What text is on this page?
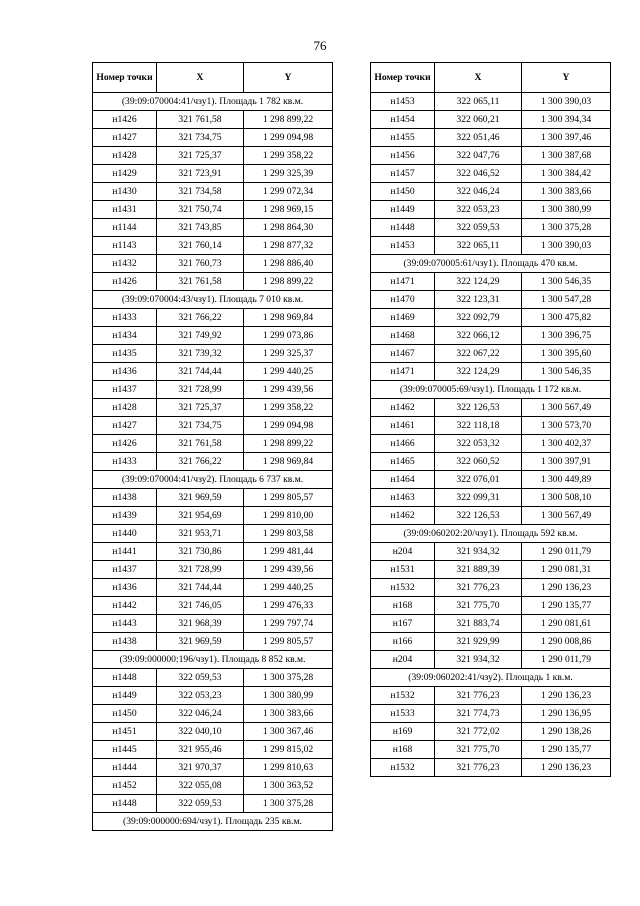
76
Номер точки	X	Y
(39:09:070004:41/чзу1). Площадь 1 782 кв.м.		
н1426	321 761,58	1 298 899,22
н1427	321 734,75	1 299 094,98
н1428	321 725,37	1 299 358,22
н1429	321 723,91	1 299 325,39
н1430	321 734,58	1 299 072,34
н1431	321 750,74	1 298 969,15
н1144	321 743,85	1 298 864,30
н1143	321 760,14	1 298 877,32
н1432	321 760,73	1 298 886,40
н1426	321 761,58	1 298 899,22
(39:09:070004:43/чзу1). Площадь 7 010 кв.м.		
н1433	321 766,22	1 298 969,84
н1434	321 749,92	1 299 073,86
н1435	321 739,32	1 299 325,37
н1436	321 744,44	1 299 440,25
н1437	321 728,99	1 299 439,56
н1428	321 725,37	1 299 358,22
н1427	321 734,75	1 299 094,98
н1426	321 761,58	1 298 899,22
н1433	321 766,22	1 298 969,84
(39:09:070004:41/чзу2). Площадь 6 737 кв.м.		
н1438	321 969,59	1 299 805,57
н1439	321 954,69	1 299 810,00
н1440	321 953,71	1 299 803,58
н1441	321 730,86	1 299 481,44
н1437	321 728,99	1 299 439,56
н1436	321 744,44	1 299 440,25
н1442	321 746,05	1 299 476,33
н1443	321 968,39	1 299 797,74
н1438	321 969,59	1 299 805,57
(39:09:000000:196/чзу1). Площадь 8 852 кв.м.		
н1448	322 059,53	1 300 375,28
н1449	322 053,23	1 300 380,99
н1450	322 046,24	1 300 383,66
н1451	322 040,10	1 300 367,46
н1445	321 955,46	1 299 815,02
н1444	321 970,37	1 299 810,63
н1452	322 055,08	1 300 363,52
н1448	322 059,53	1 300 375,28
(39:09:000000:694/чзу1). Площадь 235 кв.м.		
Номер точки	X	Y
н1453	322 065,11	1 300 390,03
н1454	322 060,21	1 300 394,34
н1455	322 051,46	1 300 397,46
н1456	322 047,76	1 300 387,68
н1457	322 046,52	1 300 384,42
н1450	322 046,24	1 300 383,66
н1449	322 053,23	1 300 380,99
н1448	322 059,53	1 300 375,28
н1453	322 065,11	1 300 390,03
(39:09:070005:61/чзу1). Площадь 470 кв.м.		
н1471	322 124,29	1 300 546,35
н1470	322 123,31	1 300 547,28
н1469	322 092,79	1 300 475,82
н1468	322 066,12	1 300 396,75
н1467	322 067,22	1 300 395,60
н1471	322 124,29	1 300 546,35
(39:09:070005:69/чзу1). Площадь 1 172 кв.м.		
н1462	322 126,53	1 300 567,49
н1461	322 118,18	1 300 573,70
н1466	322 053,32	1 300 402,37
н1465	322 060,52	1 300 397,91
н1464	322 076,01	1 300 449,89
н1463	322 099,31	1 300 508,10
н1462	322 126,53	1 300 567,49
(39:09:060202:20/чзу1). Площадь 592 кв.м.		
н204	321 934,32	1 290 011,79
н1531	321 889,39	1 290 081,31
н1532	321 776,23	1 290 136,23
н168	321 775,70	1 290 135,77
н167	321 883,74	1 290 081,61
н166	321 929,99	1 290 008,86
н204	321 934,32	1 290 011,79
(39:09:060202:41/чзу2). Площадь 1 кв.м.		
н1532	321 776,23	1 290 136,23
н1533	321 774,73	1 290 136,95
н169	321 772,02	1 290 138,26
н168	321 775,70	1 290 135,77
н1532	321 776,23	1 290 136,23
